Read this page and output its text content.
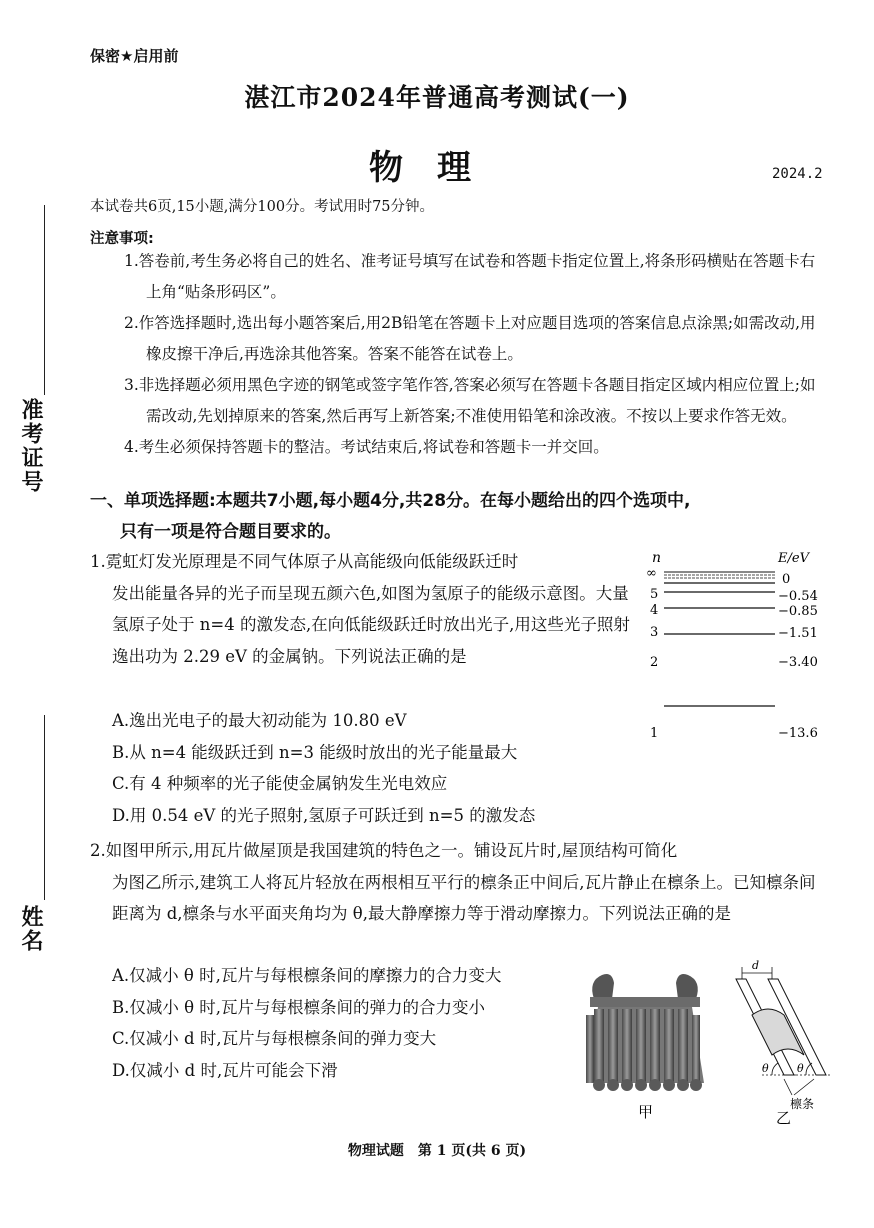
准考证号
姓名
保密★启用前
湛江市2024年普通高考测试(一)
物理	2024.2
本试卷共6页,15小题,满分100分。考试用时75分钟。
注意事项:

1.答卷前,考生务必将自己的姓名、准考证号填写在试卷和答题卡指定位置上,将条形码横贴在答题卡右上角“贴条形码区”。

2.作答选择题时,选出每小题答案后,用2B铅笔在答题卡上对应题目选项的答案信息点涂黑;如需改动,用橡皮擦干净后,再选涂其他答案。答案不能答在试卷上。

3.非选择题必须用黑色字迹的钢笔或签字笔作答,答案必须写在答题卡各题目指定区域内相应位置上;如需改动,先划掉原来的答案,然后再写上新答案;不准使用铅笔和涂改液。不按以上要求作答无效。

4.考生必须保持答题卡的整洁。考试结束后,将试卷和答题卡一并交回。

一、单项选择题:本题共7小题,每小题4分,共28分。在每小题给出的四个选项中,
只有一项是符合题目要求的。
1.霓虹灯发光原理是不同气体原子从高能级向低能级跃迁时
发出能量各异的光子而呈现五颜六色,如图为氢原子的能级示意图。大量氢原子处于 n=4 的激发态,在向低能级跃迁时放出光子,用这些光子照射逸出功为 2.29 eV 的金属钠。下列说法正确的是
A.逸出光电子的最大初动能为 10.80 eV
B.从 n=4 能级跃迁到 n=3 能级时放出的光子能量最大
C.有 4 种频率的光子能使金属钠发生光电效应
D.用 0.54 eV 的光子照射,氢原子可跃迁到 n=5 的激发态
n	E/eV
∞
5
4
3
2
1
0
−0.54
−0.85
−1.51
−3.40
−13.6
2.如图甲所示,用瓦片做屋顶是我国建筑的特色之一。铺设瓦片时,屋顶结构可简化
为图乙所示,建筑工人将瓦片轻放在两根相互平行的檩条正中间后,瓦片静止在檩条上。已知檩条间距离为 d,檩条与水平面夹角均为 θ,最大静摩擦力等于滑动摩擦力。下列说法正确的是
A.仅减小 θ 时,瓦片与每根檩条间的摩擦力的合力变大
B.仅减小 θ 时,瓦片与每根檩条间的弹力的合力变小
C.仅减小 d 时,瓦片与每根檩条间的弹力变大
D.仅减小 d 时,瓦片可能会下滑
甲
d
θ	θ
檩条
乙
物理试题　第 1 页(共 6 页)
